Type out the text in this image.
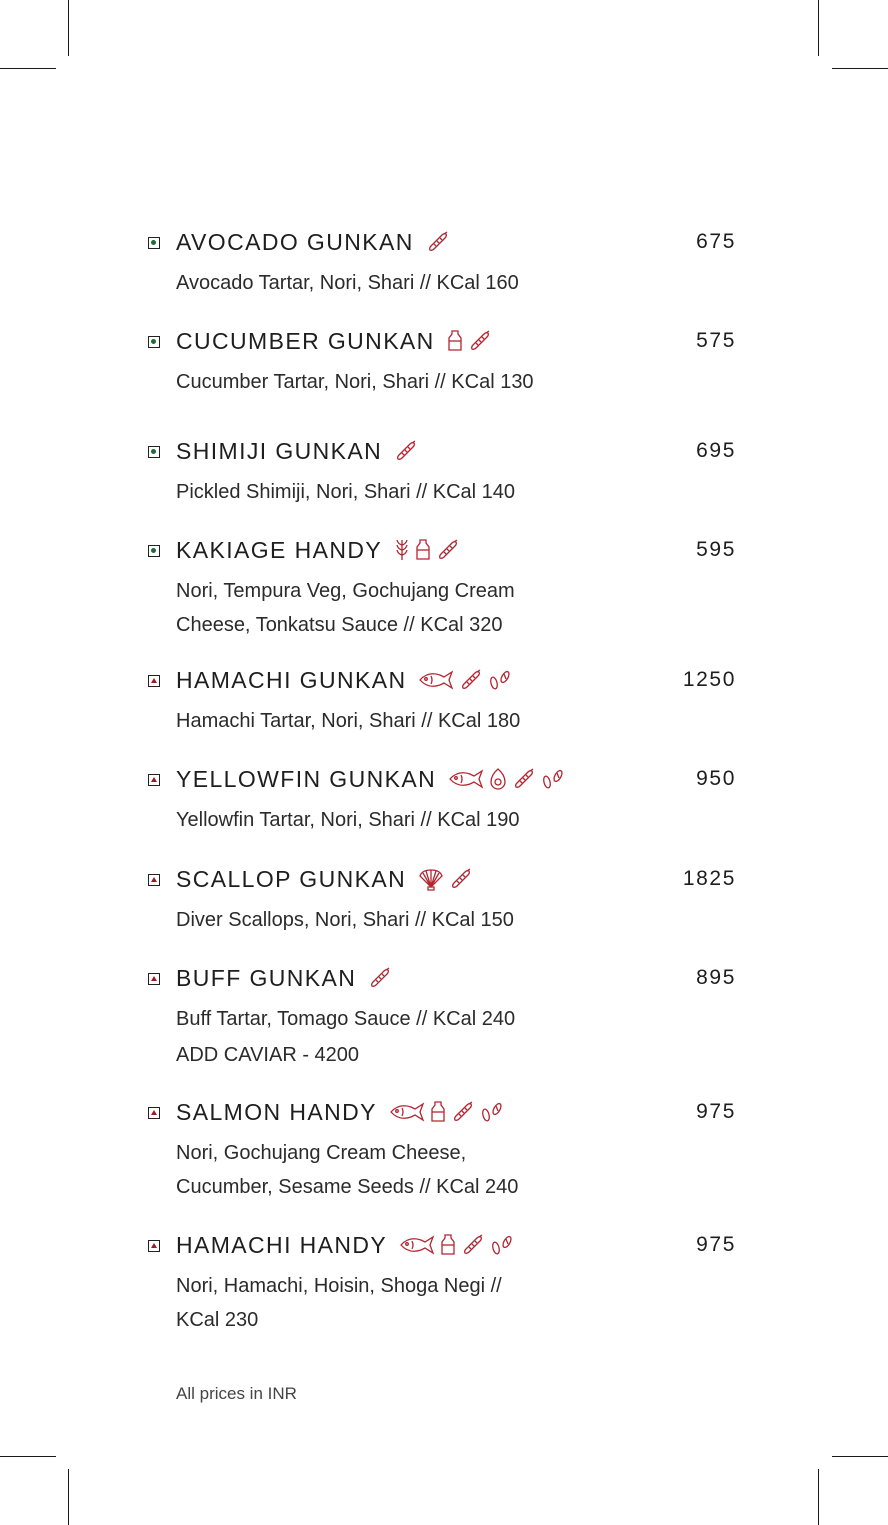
AVOCADO GUNKAN	675
Avocado Tartar, Nori, Shari // KCal 160
CUCUMBER GUNKAN	575
Cucumber Tartar, Nori, Shari // KCal 130
SHIMIJI GUNKAN	695
Pickled Shimiji, Nori, Shari // KCal 140
KAKIAGE HANDY	595
Nori, Tempura Veg, Gochujang Cream
Cheese, Tonkatsu Sauce // KCal 320
HAMACHI GUNKAN	1250
Hamachi Tartar, Nori, Shari // KCal 180
YELLOWFIN GUNKAN	950
Yellowfin Tartar, Nori, Shari // KCal 190
SCALLOP GUNKAN	1825
Diver Scallops, Nori, Shari // KCal 150
BUFF GUNKAN	895
Buff Tartar, Tomago Sauce // KCal 240
ADD CAVIAR - 4200
SALMON HANDY	975
Nori, Gochujang Cream Cheese,
Cucumber, Sesame Seeds // KCal 240
HAMACHI HANDY	975
Nori, Hamachi, Hoisin, Shoga Negi //
KCal 230
All prices in INR
